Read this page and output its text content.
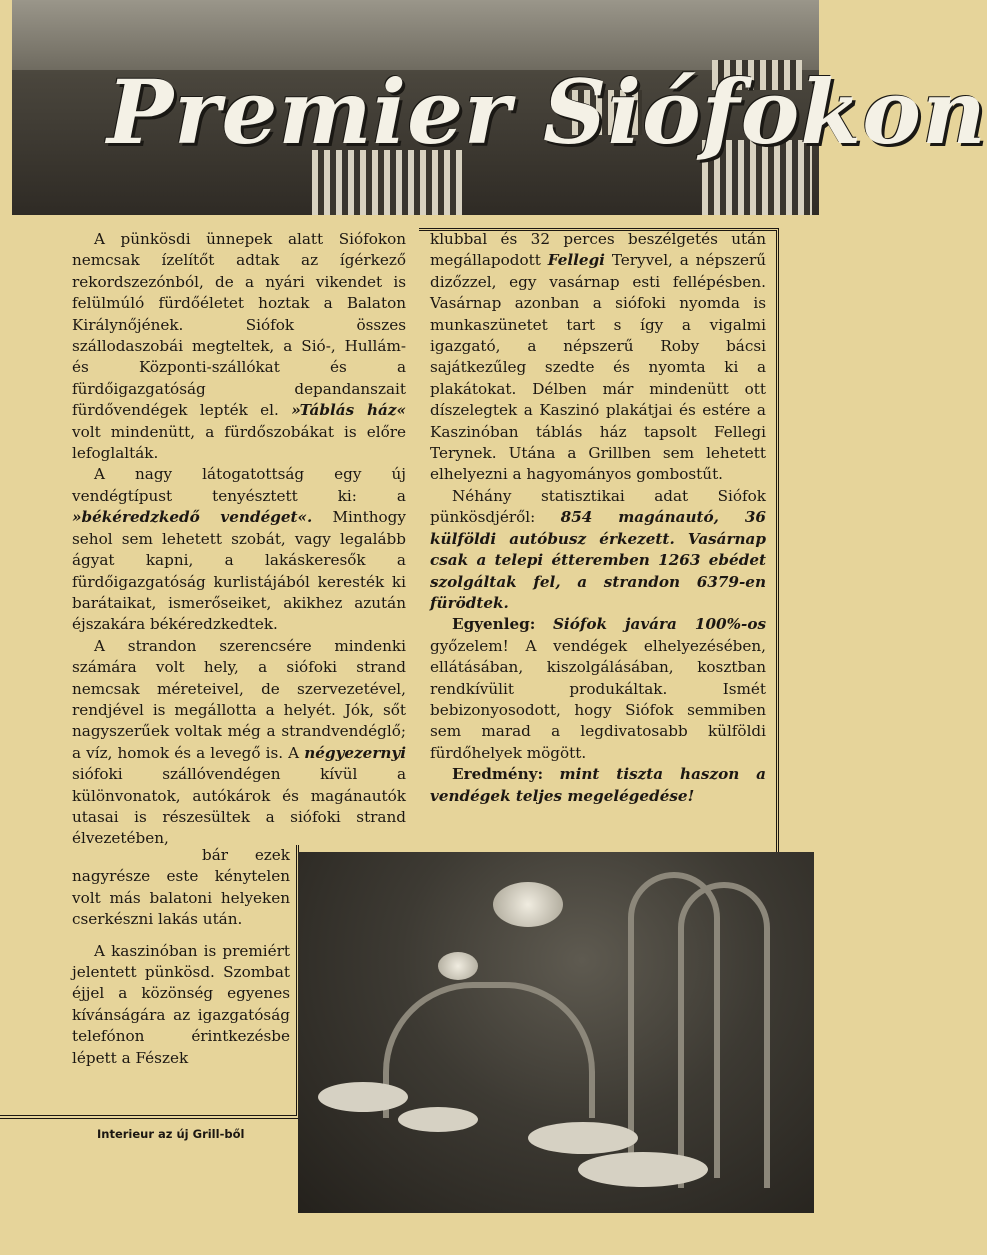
Premier Siófokon

A pünkösdi ünnepek alatt Siófokon nemcsak ízelítőt adtak az ígérkező rekordszezónból, de a nyári vikendet is felülmúló fürdőéletet hoztak a Balaton Királynőjének. Siófok összes szállodaszobái megteltek, a Sió-, Hullám- és Központi-szállókat és a fürdőigazgatóság depandanszait fürdővendégek lepték el. »Táblás ház« volt mindenütt, a fürdőszobákat is előre lefoglalták.

A nagy látogatottság egy új vendégtípust tenyésztett ki: a »békéredzkedő vendéget«. Minthogy sehol sem lehetett szobát, vagy legalább ágyat kapni, a lakáskeresők a fürdőigazgatóság kurlistájából keresték ki barátaikat, ismerőseiket, akikhez azután éjszakára békéredzkedtek.

A strandon szerencsére mindenki számára volt hely, a siófoki strand nemcsak méreteivel, de szervezetével, rendjével is megállotta a helyét. Jók, sőt nagyszerűek voltak még a strandvendéglő; a víz, homok és a levegő is. A négyezernyi siófoki szállóvendégen kívül a különvonatok, autókárok és magánautók utasai is részesültek a siófoki strand élvezetében,

bár ezek nagyrésze este kénytelen volt más balatoni helyeken cserkészni lakás után.

A kaszinóban is premiért jelentett pünkösd. Szombat éjjel a közönség egyenes kívánságára az igazgatóság telefónon érintkezésbe lépett a Fészek

klubbal és 32 perces beszélgetés után megállapodott Fellegi Teryvel, a népszerű dizőzzel, egy vasárnap esti fellépésben. Vasárnap azonban a siófoki nyomda is munkaszünetet tart s így a vigalmi igazgató, a népszerű Roby bácsi sajátkezűleg szedte és nyomta ki a plakátokat. Délben már mindenütt ott díszelegtek a Kaszinó plakátjai és estére a Kaszinóban táblás ház tapsolt Fellegi Terynek. Utána a Grillben sem lehetett elhelyezni a hagyományos gombostűt.

Néhány statisztikai adat Siófok pünkösdjéről: 854 magánautó, 36 külföldi autóbusz érkezett. Vasárnap csak a telepi étteremben 1263 ebédet szolgáltak fel, a strandon 6379-en fürödtek.

Egyenleg: Siófok javára 100%-os győzelem! A vendégek elhelyezésében, ellátásában, kiszolgálásában, kosztban rendkívülit produkáltak. Ismét bebizonyosodott, hogy Siófok semmiben sem marad a legdivatosabb külföldi fürdőhelyek mögött.

Eredmény: mint tiszta haszon a vendégek teljes megelégedése!

Interieur az új Grill-ből
